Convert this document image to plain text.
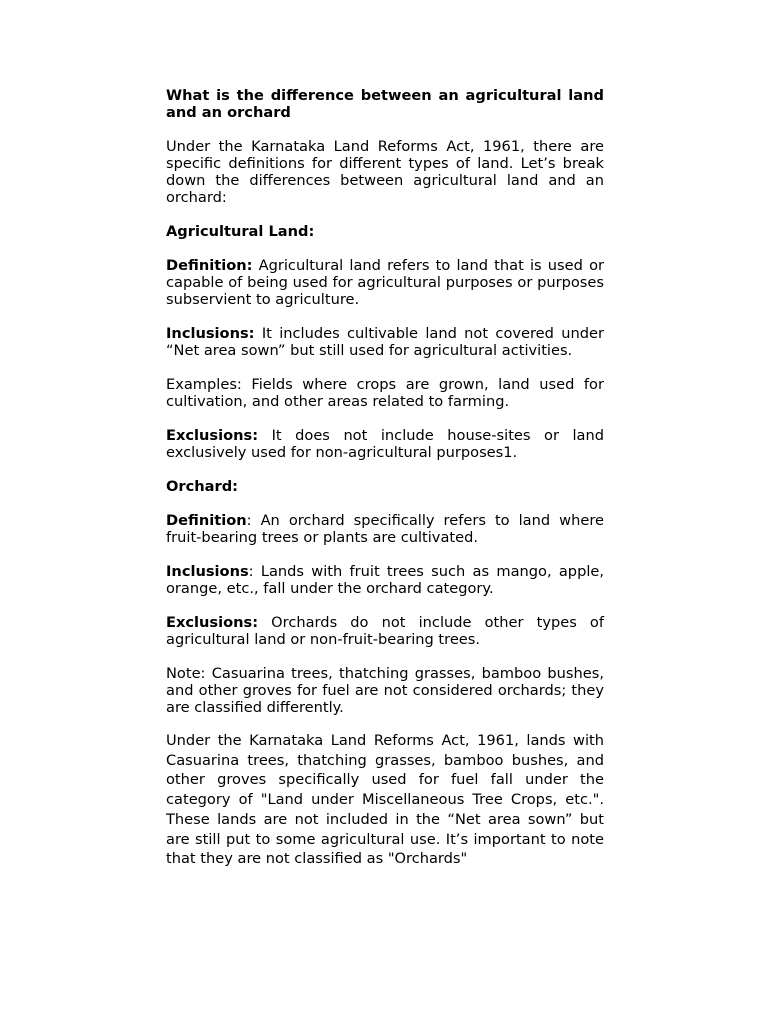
What is the difference between an agricultural land and an orchard

Under the Karnataka Land Reforms Act, 1961, there are specific definitions for different types of land. Let’s break down the differences between agricultural land and an orchard:

Agricultural Land:

Definition: Agricultural land refers to land that is used or capable of being used for agricultural purposes or purposes subservient to agriculture.

Inclusions: It includes cultivable land not covered under “Net area sown” but still used for agricultural activities.

Examples: Fields where crops are grown, land used for cultivation, and other areas related to farming.

Exclusions: It does not include house-sites or land exclusively used for non-agricultural purposes1.

Orchard:

Definition: An orchard specifically refers to land where fruit-bearing trees or plants are cultivated.

Inclusions: Lands with fruit trees such as mango, apple, orange, etc., fall under the orchard category.

Exclusions: Orchards do not include other types of agricultural land or non-fruit-bearing trees.

Note: Casuarina trees, thatching grasses, bamboo bushes, and other groves for fuel are not considered orchards; they are classified differently.

Under the Karnataka Land Reforms Act, 1961, lands with Casuarina trees, thatching grasses, bamboo bushes, and other groves specifically used for fuel fall under the category of "Land under Miscellaneous Tree Crops, etc.". These lands are not included in the “Net area sown” but are still put to some agricultural use. It’s important to note that they are not classified as "Orchards"
